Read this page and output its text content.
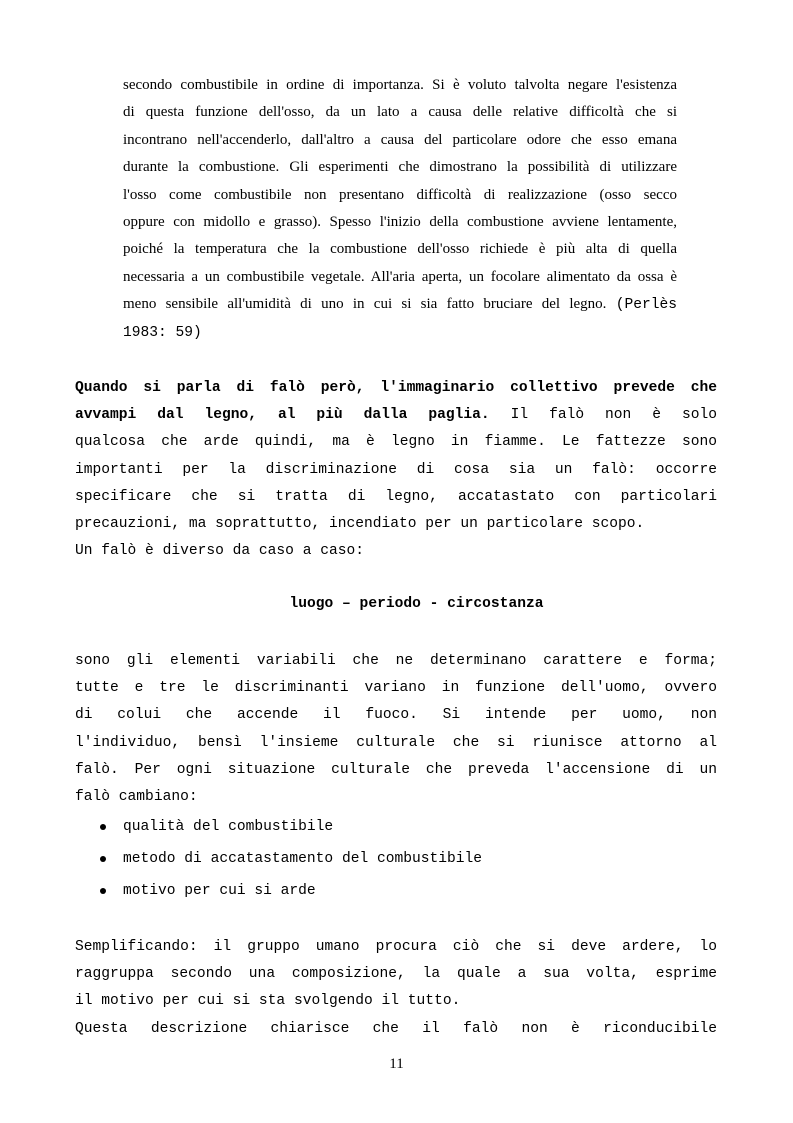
secondo combustibile in ordine di importanza. Si è voluto talvolta negare l'esistenza
di questa funzione dell'osso, da un lato a causa delle relative difficoltà che si
incontrano nell'accenderlo, dall'altro a causa del particolare odore che esso emana
durante la combustione. Gli esperimenti che dimostrano la possibilità di utilizzare
l'osso come combustibile non presentano difficoltà di realizzazione (osso secco
oppure con midollo e grasso). Spesso l'inizio della combustione avviene lentamente,
poiché la temperatura che la combustione dell'osso richiede è più alta di quella
necessaria a un combustibile vegetale. All'aria aperta, un focolare alimentato da ossa è
meno sensibile all'umidità di uno in cui si sia fatto bruciare del legno. (Perlès
1983: 59)
Quando si parla di falò però, l'immaginario collettivo prevede che
avvampi dal legno, al più dalla paglia. Il falò non è solo
qualcosa che arde quindi, ma è legno in fiamme. Le fattezze sono
importanti per la discriminazione di cosa sia un falò: occorre
specificare che si tratta di legno, accatastato con particolari
precauzioni, ma soprattutto, incendiato per un particolare scopo.
Un falò è diverso da caso a caso:
luogo – periodo - circostanza
sono gli elementi variabili che ne determinano carattere e forma;
tutte e tre le discriminanti variano in funzione dell'uomo, ovvero
di colui che accende il fuoco. Si intende per uomo, non
l'individuo, bensì l'insieme culturale che si riunisce attorno al
falò. Per ogni situazione culturale che preveda l'accensione di un
falò cambiano:
qualità del combustibile
metodo di accatastamento del combustibile
motivo per cui si arde
Semplificando: il gruppo umano procura ciò che si deve ardere, lo
raggruppa secondo una composizione, la quale a sua volta, esprime
il motivo per cui si sta svolgendo il tutto.
Questa descrizione chiarisce che il falò non è riconducibile
11
